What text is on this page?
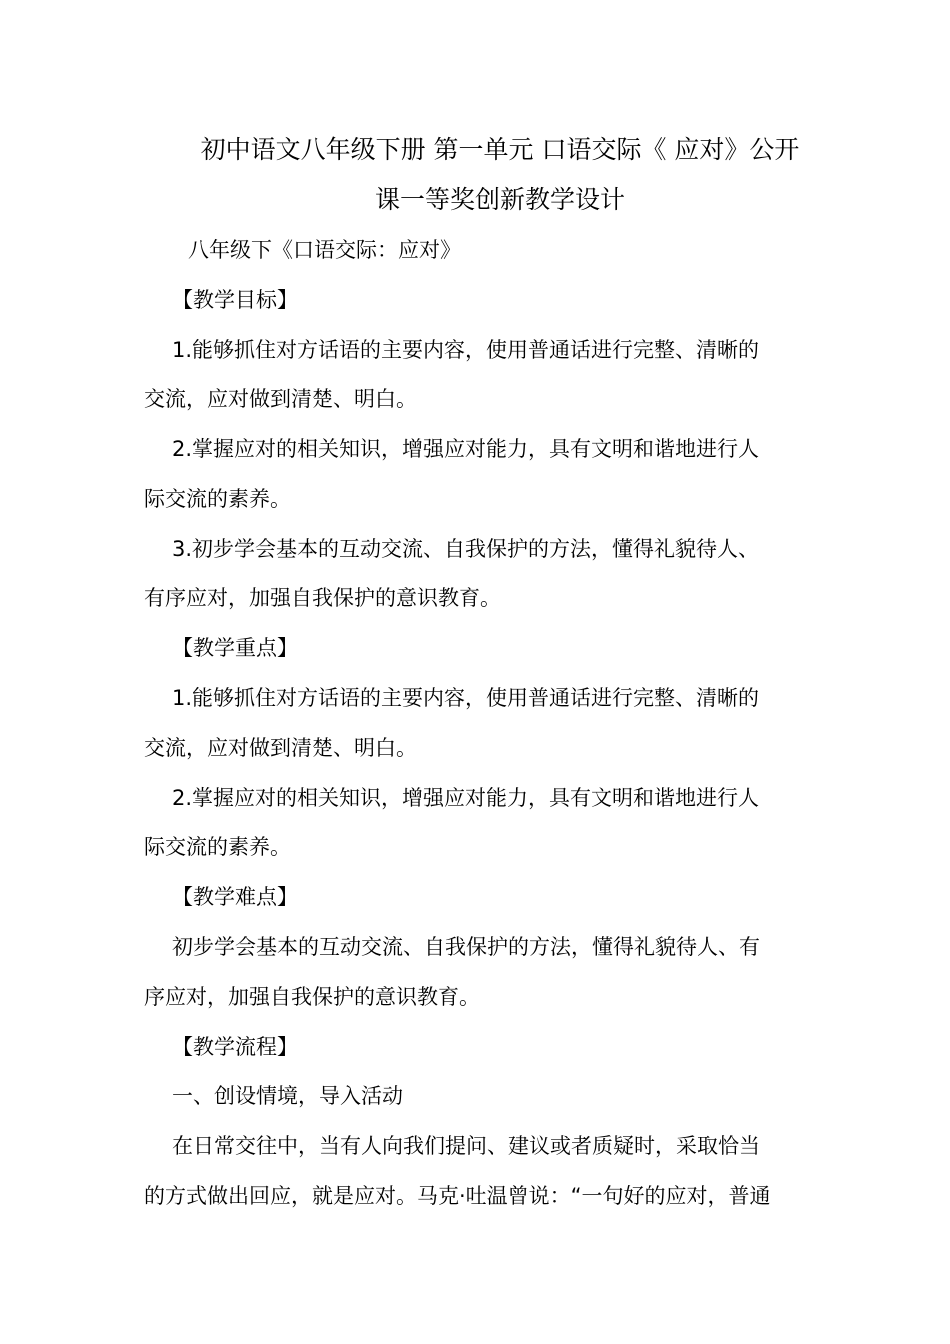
初中语文八年级下册 第一单元 口语交际《 应对》公开
课一等奖创新教学设计
八年级下《口语交际：应对》
【教学目标】
1.能够抓住对方话语的主要内容，使用普通话进行完整、清晰的
交流，应对做到清楚、明白。
2.掌握应对的相关知识，增强应对能力，具有文明和谐地进行人
际交流的素养。
3.初步学会基本的互动交流、自我保护的方法，懂得礼貌待人、
有序应对，加强自我保护的意识教育。
【教学重点】
1.能够抓住对方话语的主要内容，使用普通话进行完整、清晰的
交流，应对做到清楚、明白。
2.掌握应对的相关知识，增强应对能力，具有文明和谐地进行人
际交流的素养。
【教学难点】
初步学会基本的互动交流、自我保护的方法，懂得礼貌待人、有
序应对，加强自我保护的意识教育。
【教学流程】
一、创设情境，导入活动
在日常交往中，当有人向我们提问、建议或者质疑时，采取恰当
的方式做出回应，就是应对。马克·吐温曾说：“一句好的应对，普通
